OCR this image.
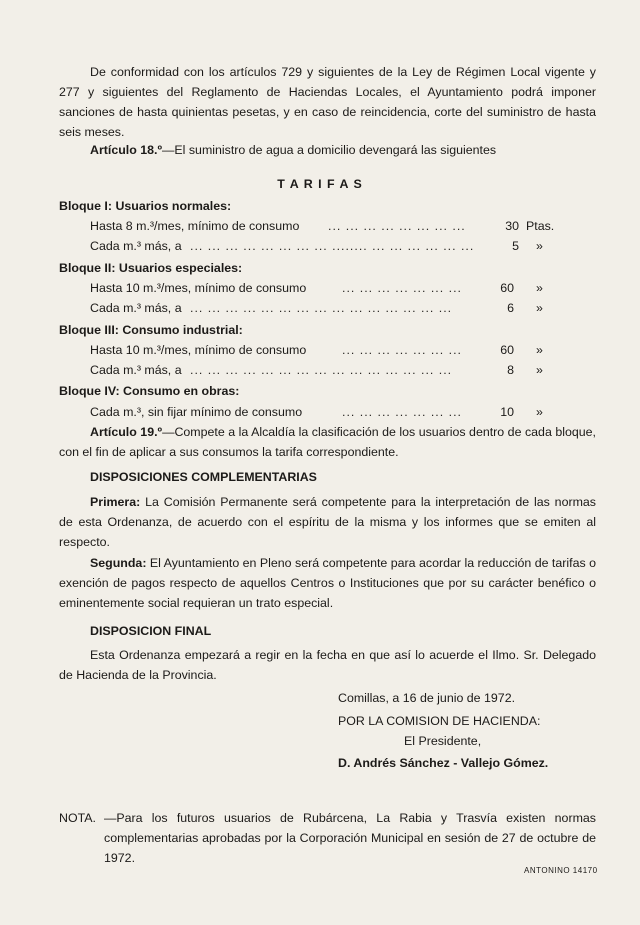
De conformidad con los artículos 729 y siguientes de la Ley de Régimen Local vigente y 277 y siguientes del Reglamento de Haciendas Locales, el Ayuntamiento podrá imponer sanciones de hasta quinientas pesetas, y en caso de reincidencia, corte del suministro de hasta seis meses.
Artículo 18.º—El suministro de agua a domicilio devengará las siguientes
T A R I F A S
Bloque I: Usuarios normales:
Hasta 8 m.³/mes, mínimo de consumo ... ... ... ... ... ... ... ...	30 Ptas.
Cada m.³ más, a ... ... ... ... ... ... ... ... ........ ... ... ... ... ... ...	5 »
Bloque II: Usuarios especiales:
Hasta 10 m.³/mes, mínimo de consumo	... ... ... ... ... ... ...	60 »
Cada m.³ más, a ... ... ... ... ... ... ... ... ... ... ... ... ... ... ...	6 »
Bloque III: Consumo industrial:
Hasta 10 m.³/mes, mínimo de consumo	... ... ... ... ... ... ...	60 »
Cada m.³ más, a ... ... ... ... ... ... ... ... ... ... ... ... ... ... ...	8 »
Bloque IV: Consumo en obras:
Cada m.³, sin fijar mínimo de consumo	... ... ... ... ... ... ...	10 »
Artículo 19.º—Compete a la Alcaldía la clasificación de los usuarios dentro de cada bloque, con el fin de aplicar a sus consumos la tarifa correspondiente.
DISPOSICIONES COMPLEMENTARIAS
Primera: La Comisión Permanente será competente para la interpretación de las normas de esta Ordenanza, de acuerdo con el espíritu de la misma y los informes que se emiten al respecto.
Segunda: El Ayuntamiento en Pleno será competente para acordar la reducción de tarifas o exención de pagos respecto de aquellos Centros o Instituciones que por su carácter benéfico o eminentemente social requieran un trato especial.
DISPOSICION FINAL
Esta Ordenanza empezará a regir en la fecha en que así lo acuerde el Ilmo. Sr. Delegado de Hacienda de la Provincia.
Comillas, a 16 de junio de 1972.
POR LA COMISION DE HACIENDA:
El Presidente,
D. Andrés Sánchez - Vallejo Gómez.
NOTA. —Para los futuros usuarios de Rubárcena, La Rabia y Trasvía existen normas complementarias aprobadas por la Corporación Municipal en sesión de 27 de octubre de 1972.
ANTONINO 14170
